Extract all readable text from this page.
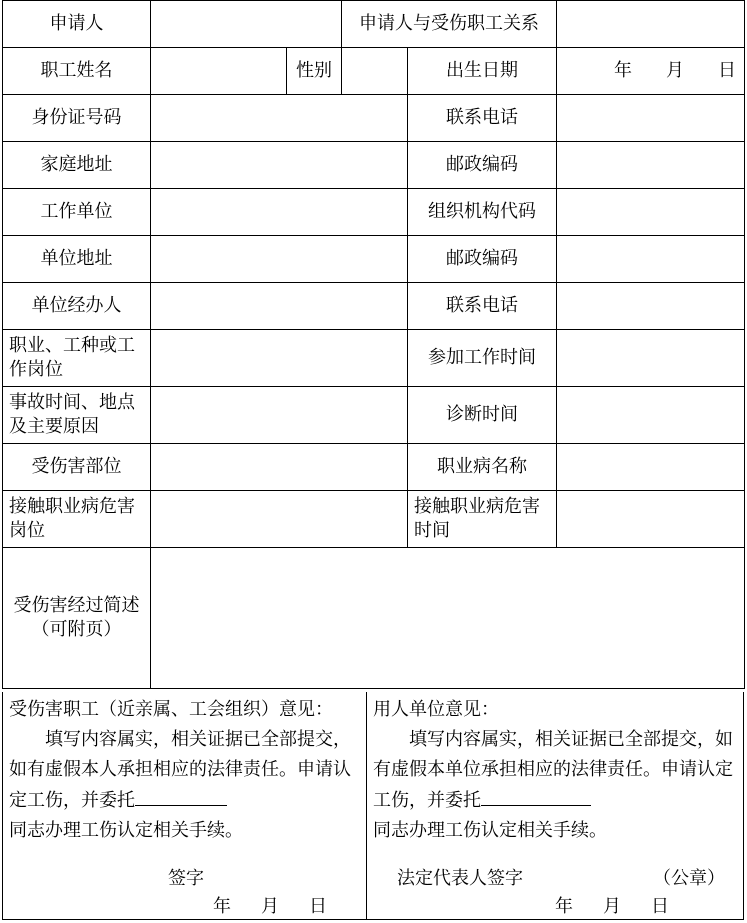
申请人			申请人与受伤职工关系		
职工姓名		性别		出生日期	年 月 日

身份证号码				联系电话	
家庭地址				邮政编码	
工作单位				组织机构代码	
单位地址				邮政编码	
单位经办人				联系电话	
职业、工种或工作岗位				参加工作时间	
事故时间、地点及主要原因				诊断时间	
受伤害部位				职业病名称	
接触职业病危害岗位				接触职业病危害时间	

受伤害经过简述
（可附页）					

受伤害职工（近亲属、工会组织）意见：

填写内容属实，相关证据已全部提交，如有虚假本人承担相应的法律责任。申请认定工伤，并委托

同志办理工伤认定相关手续。

签字
年 月 日

用人单位意见：

填写内容属实，相关证据已全部提交，如有虚假本单位承担相应的法律责任。申请认定工伤，并委托

同志办理工伤认定相关手续。

法定代表人签字	（公章）
年 月 日
